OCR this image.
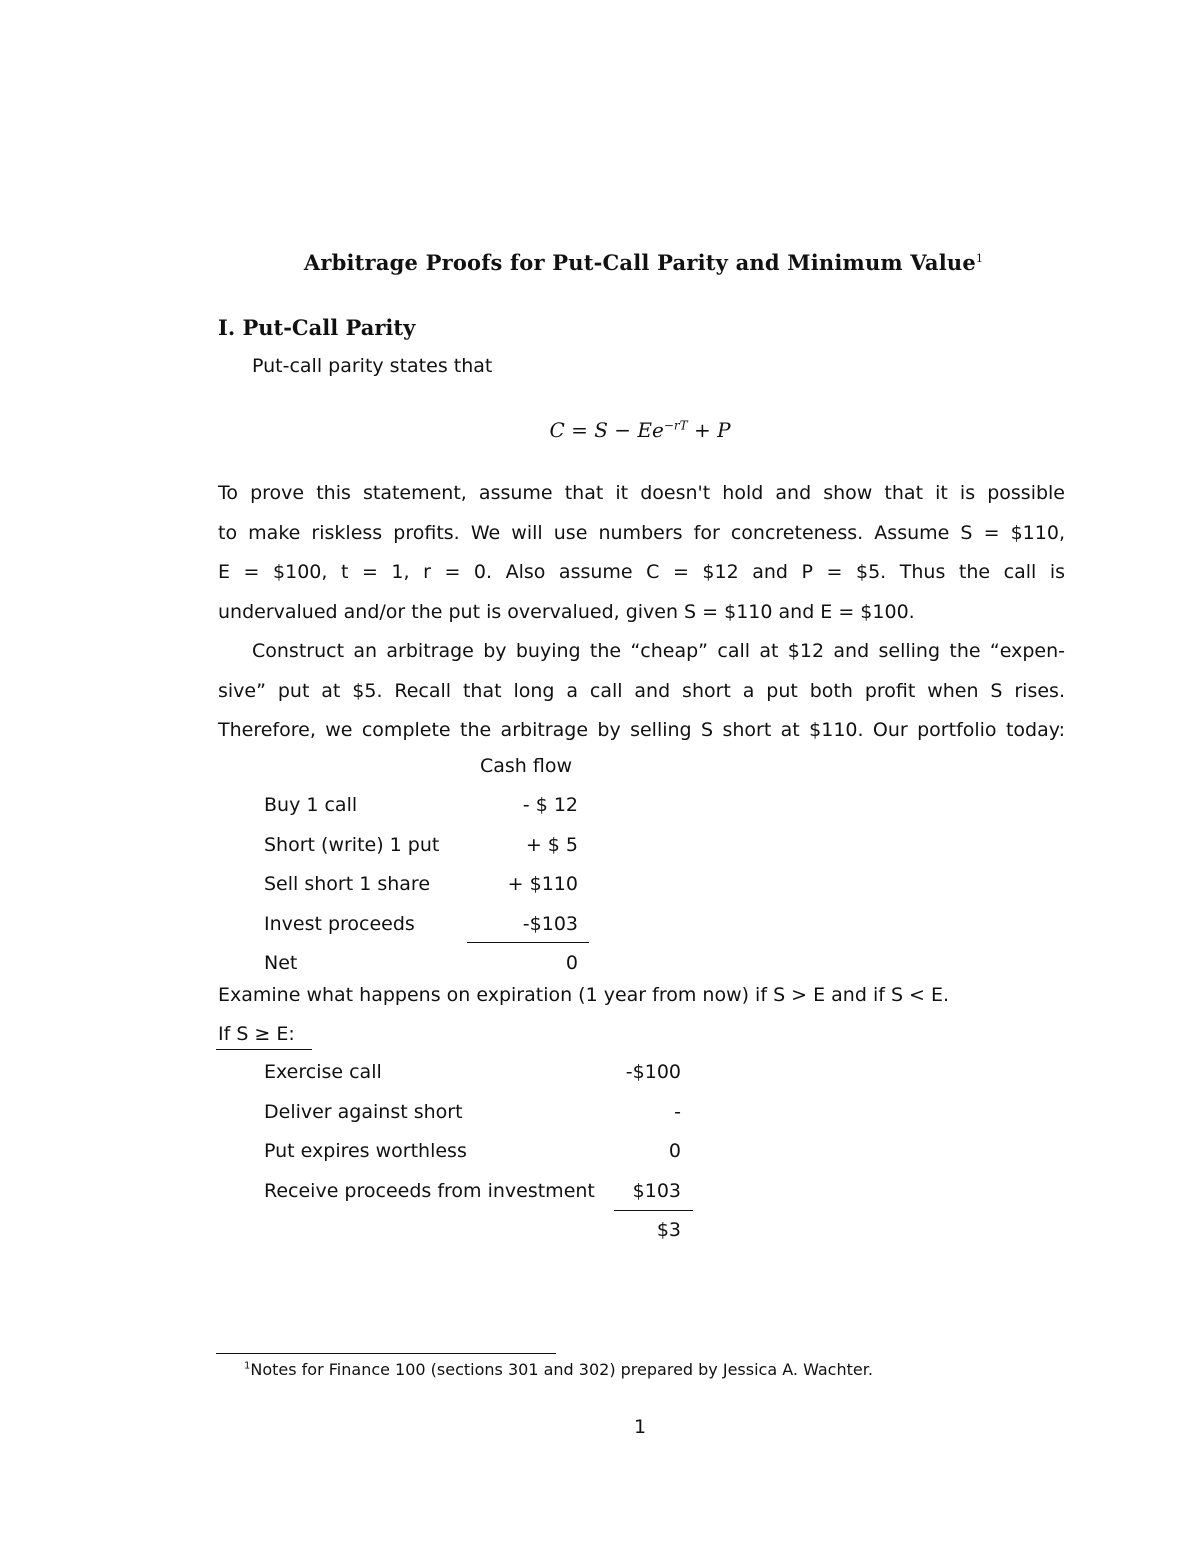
Arbitrage Proofs for Put-Call Parity and Minimum Value$^1$
I. Put-Call Parity
Put-call parity states that
$C = S - Ee^{-rT} + P$
To prove this statement, assume that it doesn't hold and show that it is possible
to make riskless profits. We will use numbers for concreteness. Assume S = $110,
E = $100, t = 1, r = 0. Also assume C = $12 and P = $5. Thus the call is
undervalued and/or the put is overvalued, given S = $110 and E = $100.
Construct an arbitrage by buying the “cheap” call at $12 and selling the “expen-
sive” put at $5. Recall that long a call and short a put both profit when S rises.
Therefore, we complete the arbitrage by selling S short at $110. Our portfolio today:
Cash flow
Buy 1 call	- $ 12
Short (write) 1 put	+ $ 5
Sell short 1 share	+ $110
Invest proceeds	-$103
Net	0
Examine what happens on expiration (1 year from now) if S > E and if S < E.
If S ≥ E:
Exercise call	-$100
Deliver against short	-
Put expires worthless	0
Receive proceeds from investment	$103
$3
$^1$Notes for Finance 100 (sections 301 and 302) prepared by Jessica A. Wachter.
1
